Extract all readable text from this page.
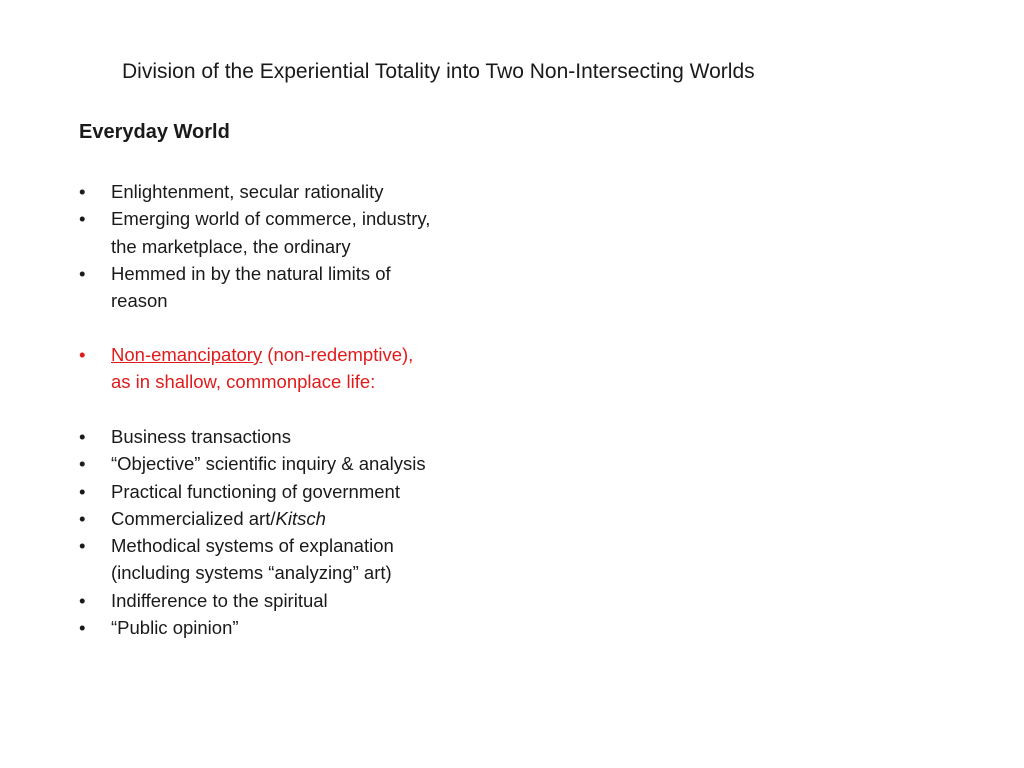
Division of the Experiential Totality into Two Non-Intersecting Worlds
Everyday World
•	Enlightenment, secular rationality
•	Emerging world of commerce, industry,
the marketplace, the ordinary
•	Hemmed in by the natural limits of
reason
•	Non-emancipatory (non-redemptive),
as in shallow, commonplace life:
•	Business transactions
•	“Objective” scientific inquiry & analysis
•	Practical functioning of government
•	Commercialized art/Kitsch
•	Methodical systems of explanation
(including systems “analyzing” art)
•	Indifference to the spiritual
•	“Public opinion”
